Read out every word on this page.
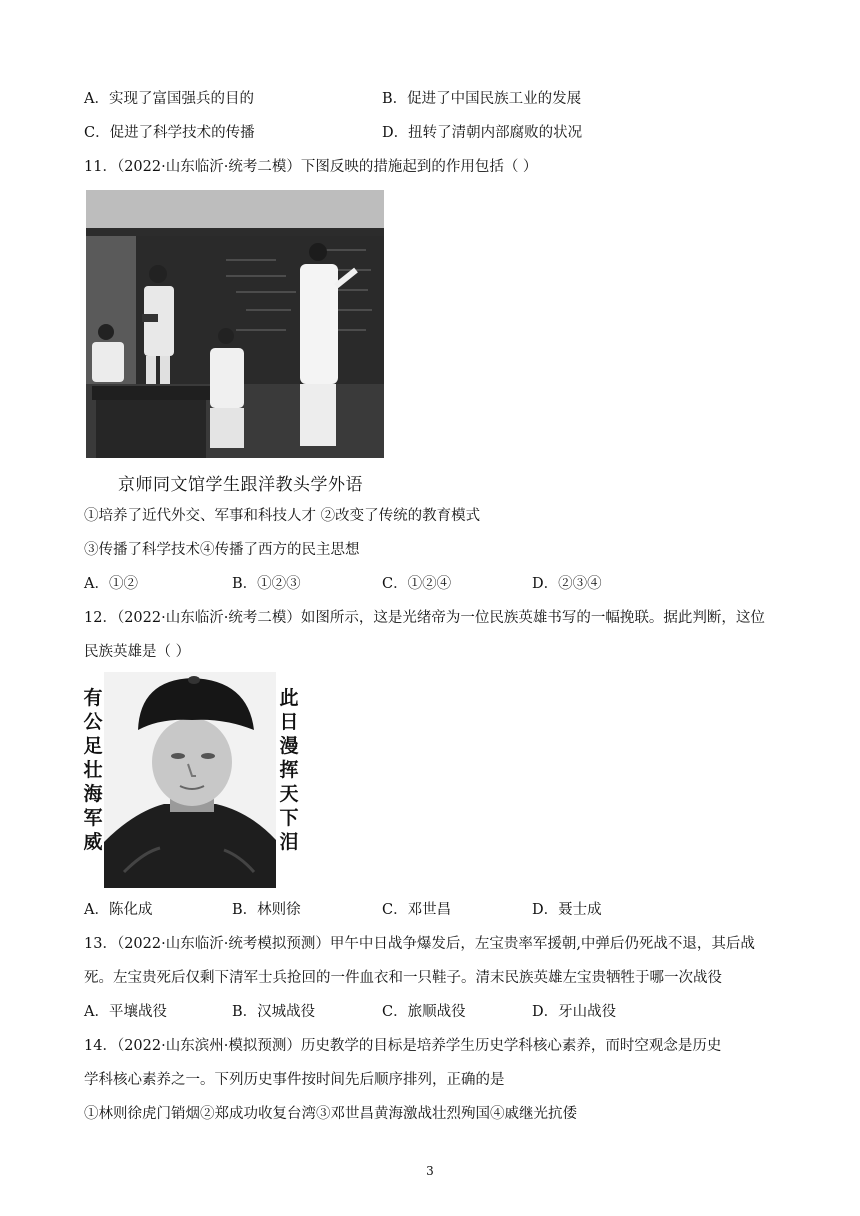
A．实现了富国强兵的目的	B．促进了中国民族工业的发展
C．促进了科学技术的传播	D．扭转了清朝内部腐败的状况
11．（2022·山东临沂·统考二模）下图反映的措施起到的作用包括（ ）
京师同文馆学生跟洋教头学外语
①培养了近代外交、军事和科技人才 ②改变了传统的教育模式
③传播了科学技术④传播了西方的民主思想
A．①②	B．①②③	C．①②④	D．②③④
12．（2022·山东临沂·统考二模）如图所示，这是光绪帝为一位民族英雄书写的一幅挽联。据此判断，这位
民族英雄是（ ）
有
公
足
壮
海
军
威
此
日
漫
挥
天
下
泪
A．陈化成	B．林则徐	C．邓世昌	D．聂士成
13．（2022·山东临沂·统考模拟预测）甲午中日战争爆发后，左宝贵率军援朝,中弹后仍死战不退，其后战
死。左宝贵死后仅剩下清军士兵抢回的一件血衣和一只鞋子。清末民族英雄左宝贵牺牲于哪一次战役
A．平壤战役	B．汉城战役	C．旅顺战役	D．牙山战役
14．（2022·山东滨州·模拟预测）历史教学的目标是培养学生历史学科核心素养，而时空观念是历史
学科核心素养之一。下列历史事件按时间先后顺序排列，正确的是
①林则徐虎门销烟②郑成功收复台湾③邓世昌黄海激战壮烈殉国④戚继光抗倭
3
